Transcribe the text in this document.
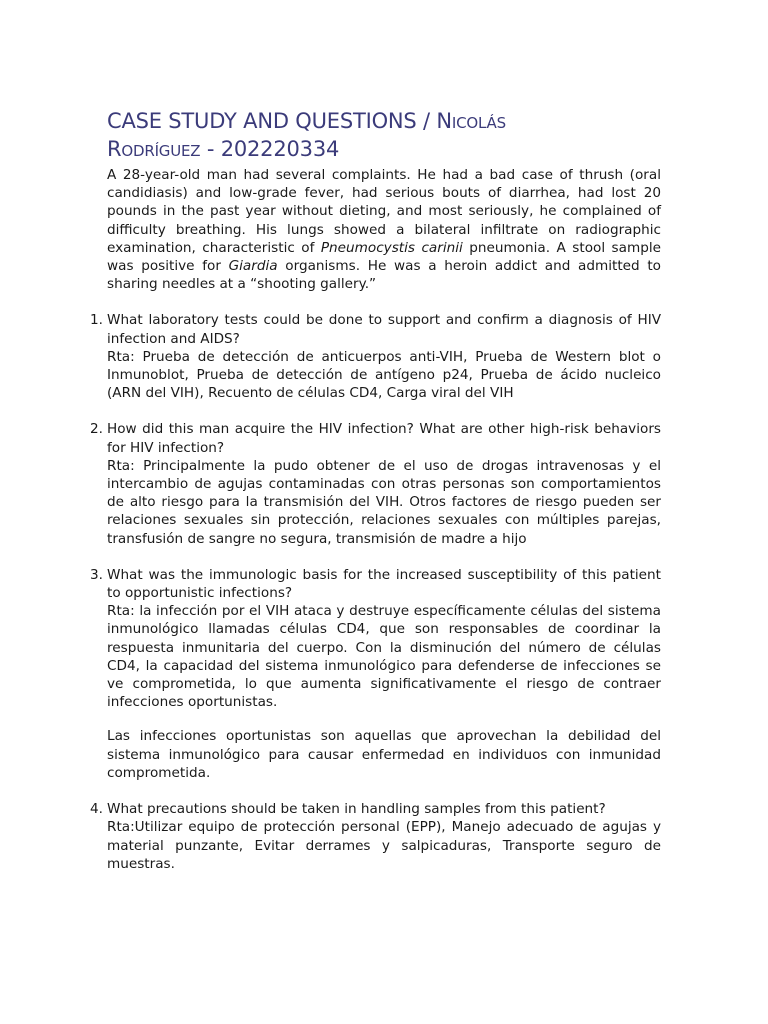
CASE STUDY AND QUESTIONS / Nicolás
Rodríguez - 202220334

A 28-year-old man had several complaints. He had a bad case of thrush (oral candidiasis) and low-grade fever, had serious bouts of diarrhea, had lost 20 pounds in the past year without dieting, and most seriously, he complained of difficulty breathing. His lungs showed a bilateral infiltrate on radiographic examination, characteristic of Pneumocystis carinii pneumonia. A stool sample was positive for Giardia organisms. He was a heroin addict and admitted to sharing needles at a “shooting gallery.”

1. What laboratory tests could be done to support and confirm a diagnosis of HIV infection and AIDS?

Rta: Prueba de detección de anticuerpos anti-VIH, Prueba de Western blot o Inmunoblot, Prueba de detección de antígeno p24, Prueba de ácido nucleico (ARN del VIH), Recuento de células CD4, Carga viral del VIH

2. How did this man acquire the HIV infection? What are other high-risk behaviors for HIV infection?

Rta: Principalmente la pudo obtener de el uso de drogas intravenosas y el intercambio de agujas contaminadas con otras personas son comportamientos de alto riesgo para la transmisión del VIH. Otros factores de riesgo pueden ser relaciones sexuales sin protección, relaciones sexuales con múltiples parejas, transfusión de sangre no segura, transmisión de madre a hijo

3. What was the immunologic basis for the increased susceptibility of this patient to opportunistic infections?

Rta: la infección por el VIH ataca y destruye específicamente células del sistema inmunológico llamadas células CD4, que son responsables de coordinar la respuesta inmunitaria del cuerpo. Con la disminución del número de células CD4, la capacidad del sistema inmunológico para defenderse de infecciones se ve comprometida, lo que aumenta significativamente el riesgo de contraer infecciones oportunistas.

Las infecciones oportunistas son aquellas que aprovechan la debilidad del sistema inmunológico para causar enfermedad en individuos con inmunidad comprometida.

4. What precautions should be taken in handling samples from this patient?

Rta:Utilizar equipo de protección personal (EPP), Manejo adecuado de agujas y material punzante, Evitar derrames y salpicaduras, Transporte seguro de muestras.
